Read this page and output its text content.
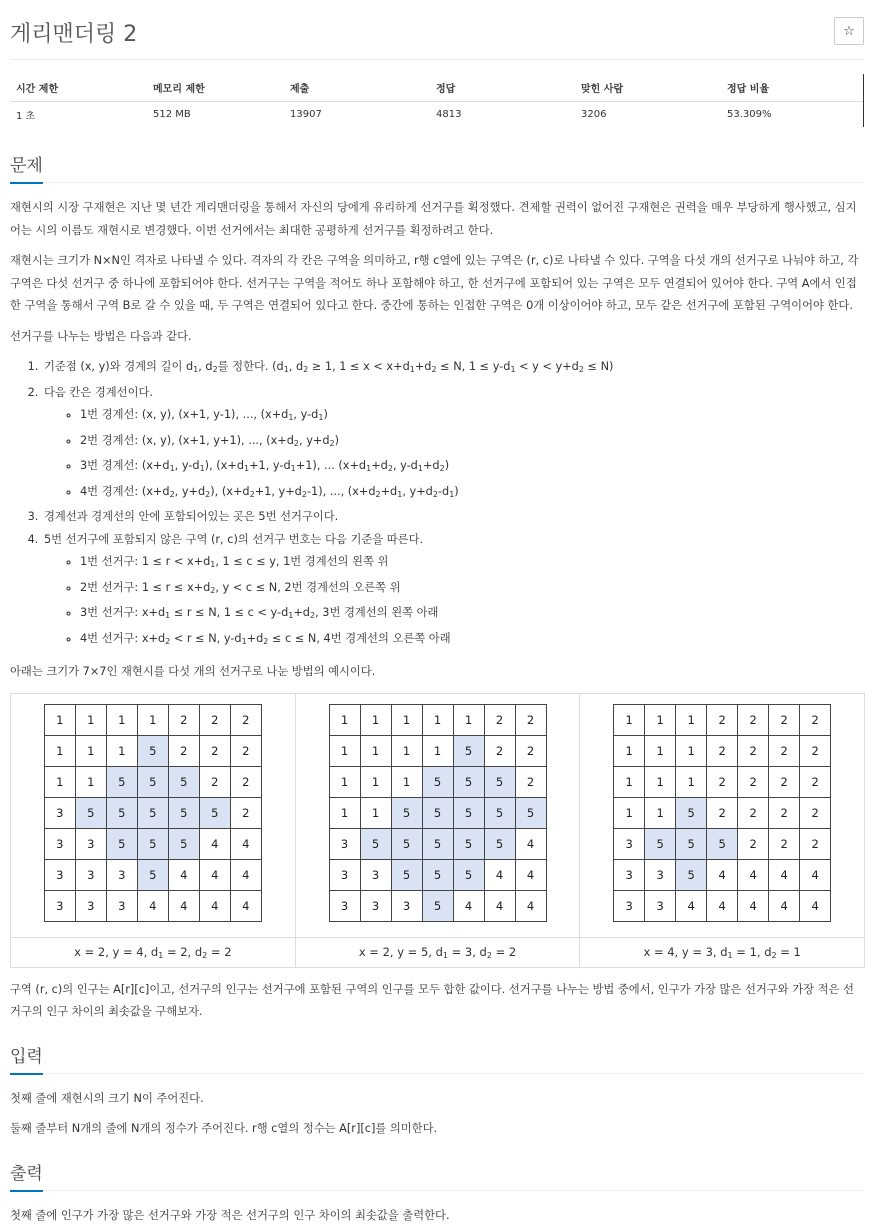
게리맨더링 2	☆
시간 제한	메모리 제한	제출	정답	맞힌 사람	정답 비율
1 초	512 MB	13907	4813	3206	53.309%
문제

재현시의 시장 구재현은 지난 몇 년간 게리맨더링을 통해서 자신의 당에게 유리하게 선거구를 획정했다. 견제할 권력이 없어진 구재현은 권력을 매우 부당하게 행사했고, 심지어는 시의 이름도 재현시로 변경했다. 이번 선거에서는 최대한 공평하게 선거구를 획정하려고 한다.

재현시는 크기가 N×N인 격자로 나타낼 수 있다. 격자의 각 칸은 구역을 의미하고, r행 c열에 있는 구역은 (r, c)로 나타낼 수 있다. 구역을 다섯 개의 선거구로 나눠야 하고, 각 구역은 다섯 선거구 중 하나에 포함되어야 한다. 선거구는 구역을 적어도 하나 포함해야 하고, 한 선거구에 포함되어 있는 구역은 모두 연결되어 있어야 한다. 구역 A에서 인접한 구역을 통해서 구역 B로 갈 수 있을 때, 두 구역은 연결되어 있다고 한다. 중간에 통하는 인접한 구역은 0개 이상이어야 하고, 모두 같은 선거구에 포함된 구역이어야 한다.

선거구를 나누는 방법은 다음과 같다.

1. 기준점 (x, y)와 경계의 길이 $d_1$, $d_2$를 정한다. ($d_1$, $d_2 \ge 1$, $1 \le x < x+d_1+d_2 \le N$, $1 \le y-d_1 < y < y+d_2 \le N$)
2. 다음 칸은 경계선이다.
◦ 1번 경계선: (x, y), (x+1, y-1), ..., ($x+d_1$, $y-d_1$)
◦ 2번 경계선: (x, y), (x+1, y+1), ..., ($x+d_2$, $y+d_2$)
◦ 3번 경계선: ($x+d_1$, $y-d_1$), ($x+d_1+1$, $y-d_1+1$), ... ($x+d_1+d_2$, $y-d_1+d_2$)
◦ 4번 경계선: ($x+d_2$, $y+d_2$), ($x+d_2+1$, $y+d_2-1$), ..., ($x+d_2+d_1$, $y+d_2-d_1$)
3. 경계선과 경계선의 안에 포함되어있는 곳은 5번 선거구이다.
4. 5번 선거구에 포함되지 않은 구역 (r, c)의 선거구 번호는 다음 기준을 따른다.
◦ 1번 선거구: $1 \le r < x+d_1$, 1 ≤ c ≤ y, 1번 경계선의 왼쪽 위
◦ 2번 선거구: $1 \le r \le x+d_2$, y < c ≤ N, 2번 경계선의 오른쪽 위
◦ 3번 선거구: $x+d_1 \le r \le N$, $1 \le c < y-d_1+d_2$, 3번 경계선의 왼쪽 아래
◦ 4번 선거구: $x+d_2 < r \le N$, $y-d_1+d_2 \le c \le N$, 4번 경계선의 오른쪽 아래

아래는 크기가 7×7인 재현시를 다섯 개의 선거구로 나눈 방법의 예시이다.

1	1	1	1	2	2	2
1	1	1	5	2	2	2
1	1	5	5	5	2	2
3	5	5	5	5	5	2
3	3	5	5	5	4	4
3	3	3	5	4	4	4
3	3	3	4	4	4	4
1	1	1	1	1	2	2
1	1	1	1	5	2	2
1	1	1	5	5	5	2
1	1	5	5	5	5	5
3	5	5	5	5	5	4
3	3	5	5	5	4	4
3	3	3	5	4	4	4
1	1	1	2	2	2	2
1	1	1	2	2	2	2
1	1	1	2	2	2	2
1	1	5	2	2	2	2
3	5	5	5	2	2	2
3	3	5	4	4	4	4
3	3	4	4	4	4	4
x = 2, y = 4, $d_1 = 2$, $d_2 = 2$	x = 2, y = 5, $d_1 = 3$, $d_2 = 2$	x = 4, y = 3, $d_1 = 1$, $d_2 = 1$

구역 (r, c)의 인구는 A[r][c]이고, 선거구의 인구는 선거구에 포함된 구역의 인구를 모두 합한 값이다. 선거구를 나누는 방법 중에서, 인구가 가장 많은 선거구와 가장 적은 선거구의 인구 차이의 최솟값을 구해보자.

입력

첫째 줄에 재현시의 크기 N이 주어진다.

둘째 줄부터 N개의 줄에 N개의 정수가 주어진다. r행 c열의 정수는 A[r][c]를 의미한다.

출력

첫째 줄에 인구가 가장 많은 선거구와 가장 적은 선거구의 인구 차이의 최솟값을 출력한다.
